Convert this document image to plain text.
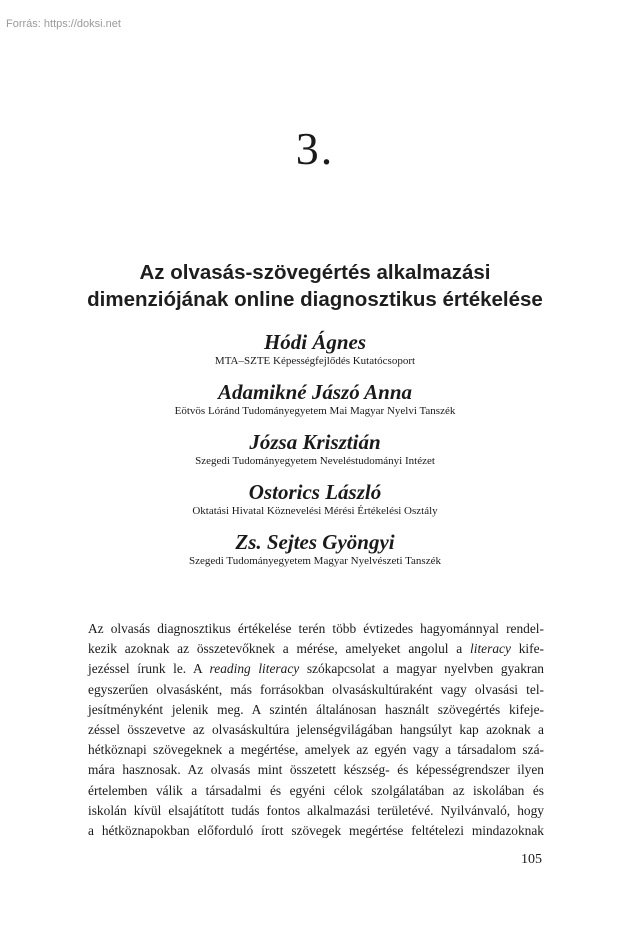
Forrás: https://doksi.net
3.
Az olvasás-szövegértés alkalmazási
dimenziójának online diagnosztikus értékelése
Hódi Ágnes
MTA–SZTE Képességfejlődés Kutatócsoport
Adamikné Jászó Anna
Eötvös Lóránd Tudományegyetem Mai Magyar Nyelvi Tanszék
Józsa Krisztián
Szegedi Tudományegyetem Neveléstudományi Intézet
Ostorics László
Oktatási Hivatal Köznevelési Mérési Értékelési Osztály
Zs. Sejtes Gyöngyi
Szegedi Tudományegyetem Magyar Nyelvészeti Tanszék
Az olvasás diagnosztikus értékelése terén több évtizedes hagyománnyal rendel-
kezik azoknak az összetevőknek a mérése, amelyeket angolul a literacy kife-
jezéssel írunk le. A reading literacy szókapcsolat a magyar nyelvben gyakran
egyszerűen olvasásként, más forrásokban olvasáskultúraként vagy olvasási tel-
jesítményként jelenik meg. A szintén általánosan használt szövegértés kifeje-
zéssel összevetve az olvasáskultúra jelenségvilágában hangsúlyt kap azoknak a
hétköznapi szövegeknek a megértése, amelyek az egyén vagy a társadalom szá-
mára hasznosak. Az olvasás mint összetett készség- és képességrendszer ilyen
értelemben válik a társadalmi és egyéni célok szolgálatában az iskolában és
iskolán kívül elsajátított tudás fontos alkalmazási területévé. Nyilvánvaló, hogy
a hétköznapokban előforduló írott szövegek megértése feltételezi mindazoknak
105
